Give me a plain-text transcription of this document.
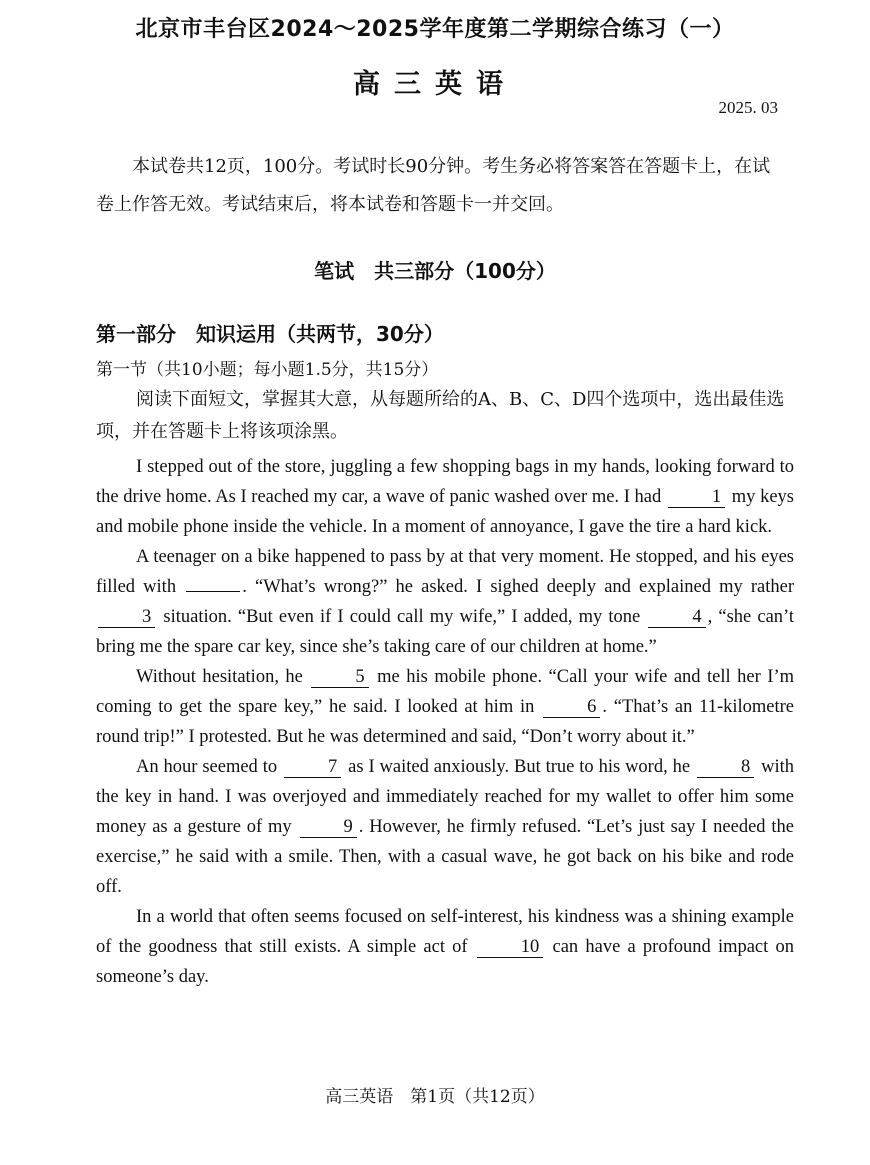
北京市丰台区2024～2025学年度第二学期综合练习（一）
高三英语
2025. 03

本试卷共12页，100分。考试时长90分钟。考生务必将答案答在答题卡上，在试卷上作答无效。考试结束后，将本试卷和答题卡一并交回。

笔试　共三部分（100分）
第一部分　知识运用（共两节，30分）
第一节（共10小题；每小题1.5分，共15分）

阅读下面短文，掌握其大意，从每题所给的A、B、C、D四个选项中，选出最佳选项，并在答题卡上将该项涂黑。

I stepped out of the store, juggling a few shopping bags in my hands, looking forward to the drive home. As I reached my car, a wave of panic washed over me. I had	1 my keys and mobile phone inside the vehicle. In a moment of annoyance, I gave the tire a hard kick.

A teenager on a bike happened to pass by at that very moment. He stopped, and his eyes filled with	. “What’s wrong?” he asked. I sighed deeply and explained my rather 3 situation. “But even if I could call my wife,” I added, my tone	4 , “she can’t bring me the spare car key, since she’s taking care of our children at home.”

Without hesitation, he	5 me his mobile phone. “Call your wife and tell her I’m coming to get the spare key,” he said. I looked at him in	6 . “That’s an 11-kilometre round trip!” I protested. But he was determined and said, “Don’t worry about it.”

An hour seemed to	7 as I waited anxiously. But true to his word, he	8 with the key in hand. I was overjoyed and immediately reached for my wallet to offer him some money as a gesture of my	9 . However, he firmly refused. “Let’s just say I needed the exercise,” he said with a smile. Then, with a casual wave, he got back on his bike and rode off.

In a world that often seems focused on self-interest, his kindness was a shining example of the goodness that still exists. A simple act of	10 can have a profound impact on someone’s day.

高三英语　第1页（共12页）
